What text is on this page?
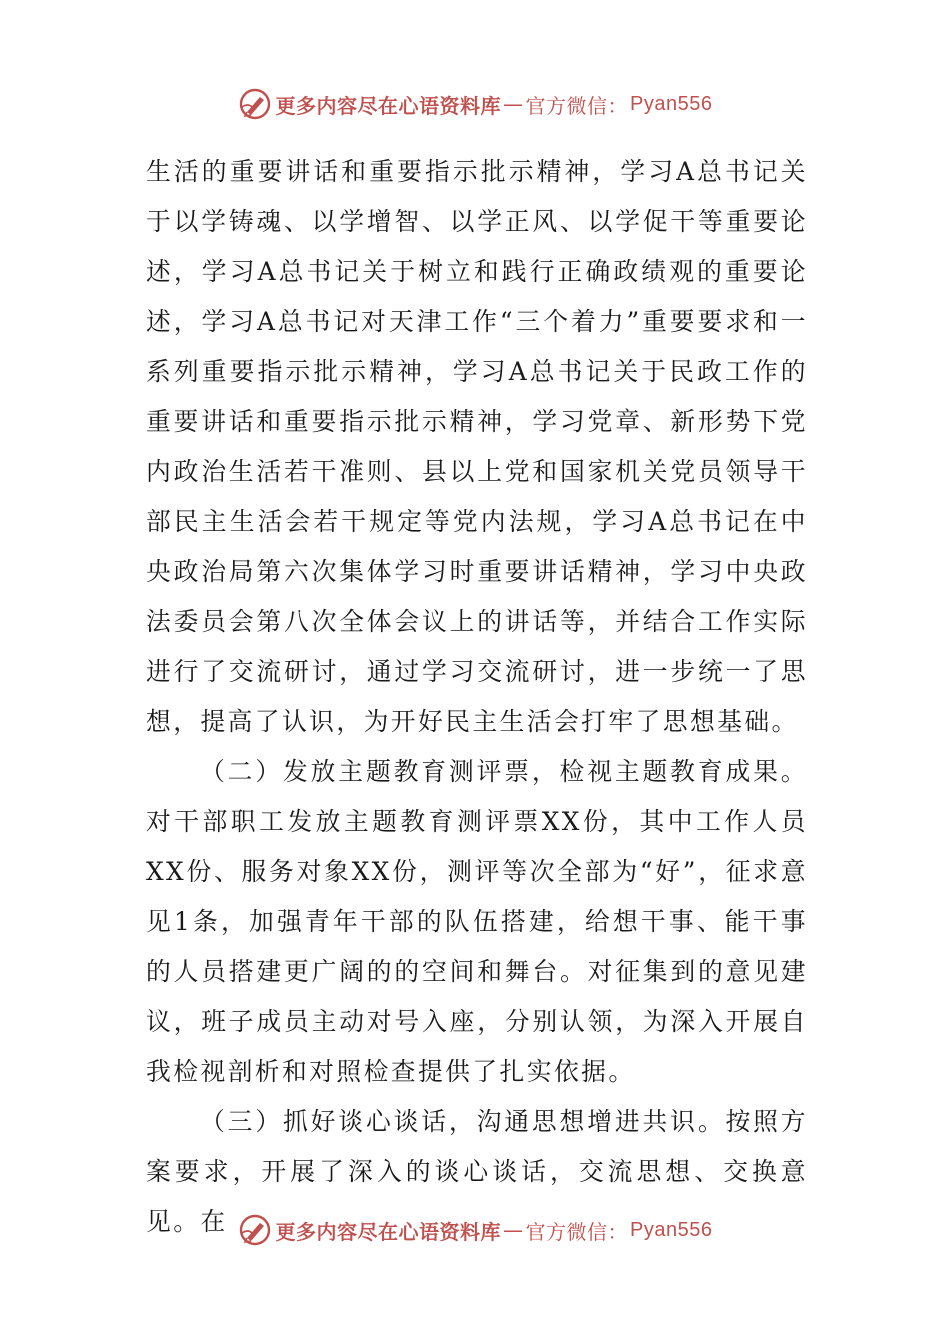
更多内容尽在心语资料库 — 官方微信： Pyan556

生活的重要讲话和重要指示批示精神，学习A总书记关于以学铸魂、以学增智、以学正风、以学促干等重要论述，学习A总书记关于树立和践行正确政绩观的重要论述，学习A总书记对天津工作“三个着力”重要要求和一系列重要指示批示精神，学习A总书记关于民政工作的重要讲话和重要指示批示精神，学习党章、新形势下党内政治生活若干准则、县以上党和国家机关党员领导干部民主生活会若干规定等党内法规，学习A总书记在中央政治局第六次集体学习时重要讲话精神，学习中央政法委员会第八次全体会议上的讲话等，并结合工作实际进行了交流研讨，通过学习交流研讨，进一步统一了思想，提高了认识，为开好民主生活会打牢了思想基础。

（二）发放主题教育测评票，检视主题教育成果。对干部职工发放主题教育测评票XX份，其中工作人员XX份、服务对象XX份，测评等次全部为“好”，征求意见1条，加强青年干部的队伍搭建，给想干事、能干事的人员搭建更广阔的的空间和舞台。对征集到的意见建议，班子成员主动对号入座，分别认领，为深入开展自我检视剖析和对照检查提供了扎实依据。

（三）抓好谈心谈话，沟通思想增进共识。按照方案要求，开展了深入的谈心谈话，交流思想、交换意见。在	更多内容尽在心语资料库 — 官方微信： Pyan556
